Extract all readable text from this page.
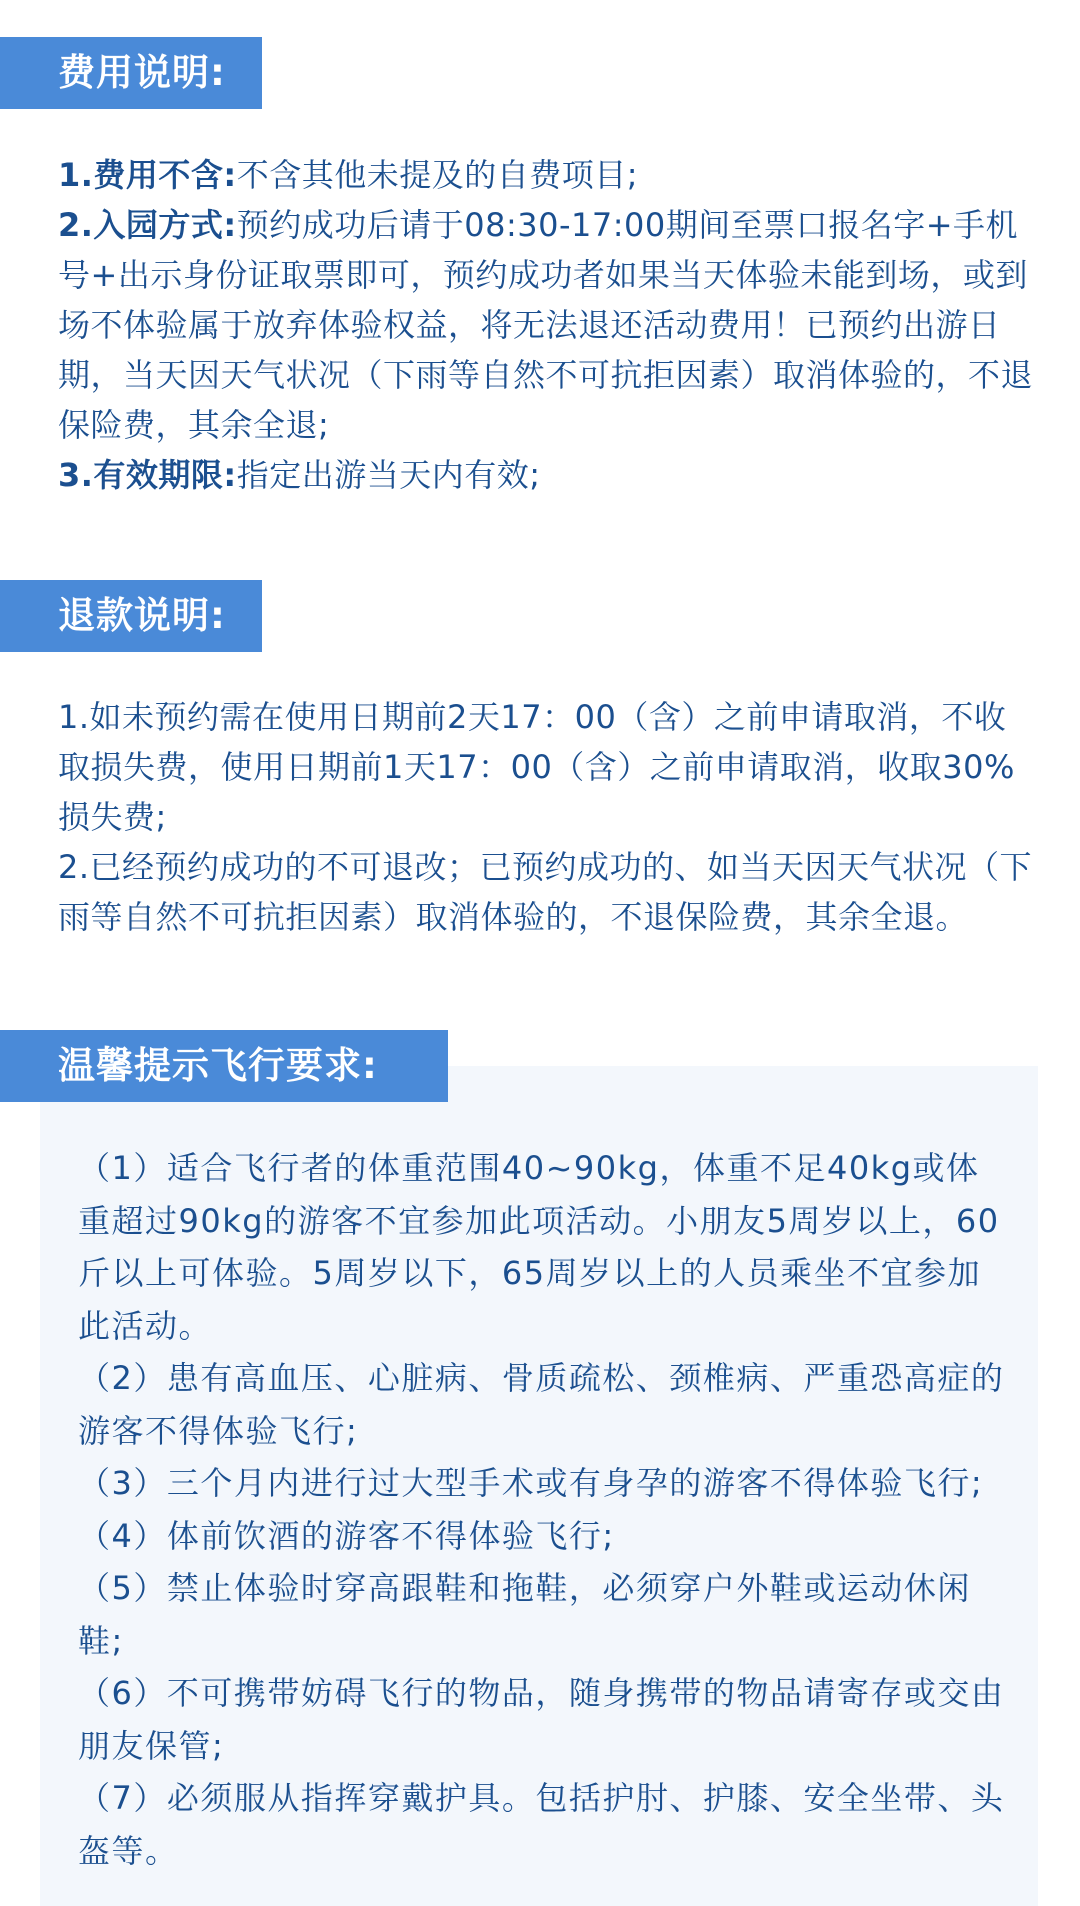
费用说明:

1.费用不含:不含其他未提及的自费项目;

2.入园方式:预约成功后请于08:30-17:00期间至票口报名字+手机号+出示身份证取票即可，预约成功者如果当天体验未能到场，或到场不体验属于放弃体验权益，将无法退还活动费用！已预约出游日期，当天因天气状况（下雨等自然不可抗拒因素）取消体验的，不退保险费，其余全退;

3.有效期限:指定出游当天内有效;

退款说明:

1.如未预约需在使用日期前2天17：00（含）之前申请取消，不收取损失费，使用日期前1天17：00（含）之前申请取消，收取30%损失费;

2.已经预约成功的不可退改；已预约成功的、如当天因天气状况（下雨等自然不可抗拒因素）取消体验的，不退保险费，其余全退。

温馨提示飞行要求:

（1）适合飞行者的体重范围40~90kg，体重不足40kg或体重超过90kg的游客不宜参加此项活动。小朋友5周岁以上，60斤以上可体验。5周岁以下，65周岁以上的人员乘坐不宜参加此活动。

（2）患有高血压、心脏病、骨质疏松、颈椎病、严重恐高症的游客不得体验飞行;

（3）三个月内进行过大型手术或有身孕的游客不得体验飞行;

（4）体前饮酒的游客不得体验飞行;

（5）禁止体验时穿高跟鞋和拖鞋，必须穿户外鞋或运动休闲鞋;

（6）不可携带妨碍飞行的物品，随身携带的物品请寄存或交由朋友保管;

（7）必须服从指挥穿戴护具。包括护肘、护膝、安全坐带、头盔等。
